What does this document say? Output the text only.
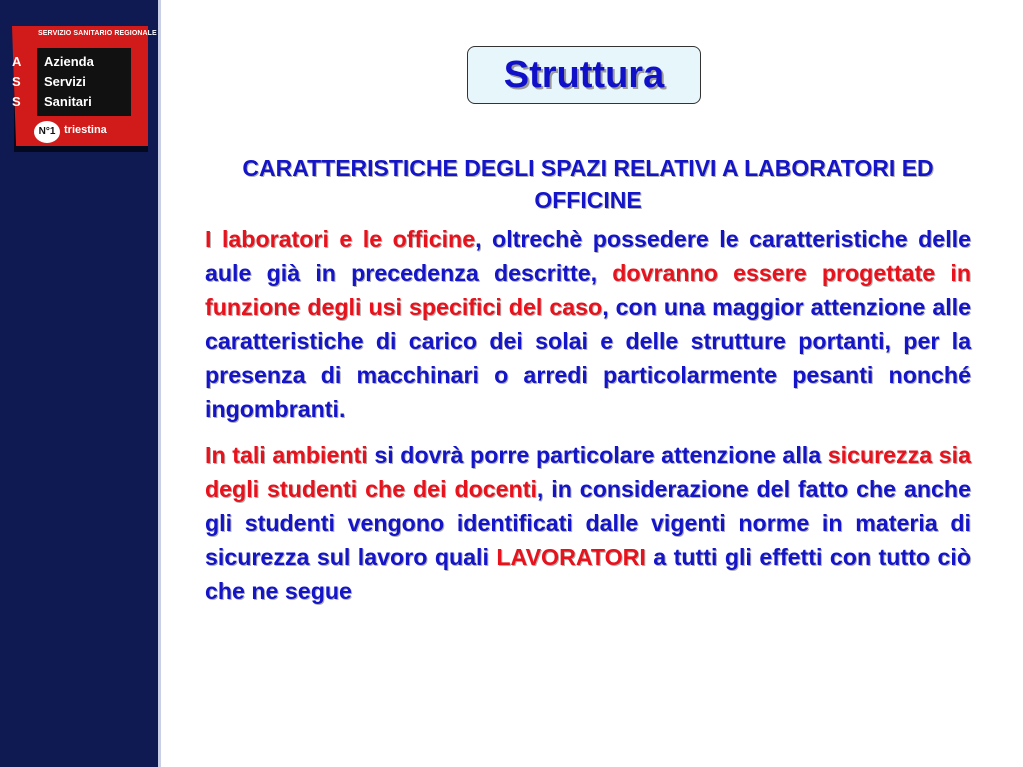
SERVIZIO SANITARIO REGIONALE
A
S
S
Azienda
Servizi
Sanitari
N°1 triestina
Struttura

CARATTERISTICHE DEGLI SPAZI RELATIVI A LABORATORI ED OFFICINE

I laboratori e le officine, oltrechè possedere le caratteristiche delle aule già in precedenza descritte, dovranno essere progettate in funzione degli usi specifici del caso, con una maggior attenzione alle caratteristiche di carico dei solai e delle strutture portanti, per la presenza di macchinari o arredi particolarmente pesanti nonché ingombranti.

In tali ambienti si dovrà porre particolare attenzione alla sicurezza sia degli studenti che dei docenti, in considerazione del fatto che anche gli studenti vengono identificati dalle vigenti norme in materia di sicurezza sul lavoro quali LAVORATORI a tutti gli effetti con tutto ciò che ne segue
